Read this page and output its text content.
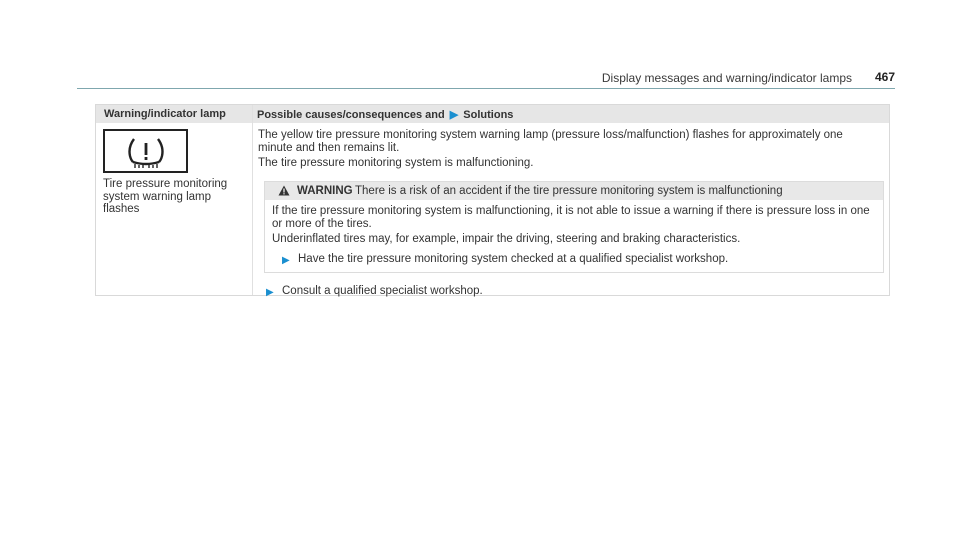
Display messages and warning/indicator lamps 467
Warning/indicator lamp	Possible causes/consequences and ▶ Solutions
Tire pressure monitoring system warning lamp flashes
The yellow tire pressure monitoring system warning lamp (pressure loss/malfunction) flashes for approximately one minute and then remains lit.
The tire pressure monitoring system is malfunctioning.
WARNING There is a risk of an accident if the tire pressure monitoring system is malfunctioning
If the tire pressure monitoring system is malfunctioning, it is not able to issue a warning if there is pressure loss in one or more of the tires.
Underinflated tires may, for example, impair the driving, steering and braking characteristics.
▶ Have the tire pressure monitoring system checked at a qualified specialist workshop.
▶ Consult a qualified specialist workshop.
